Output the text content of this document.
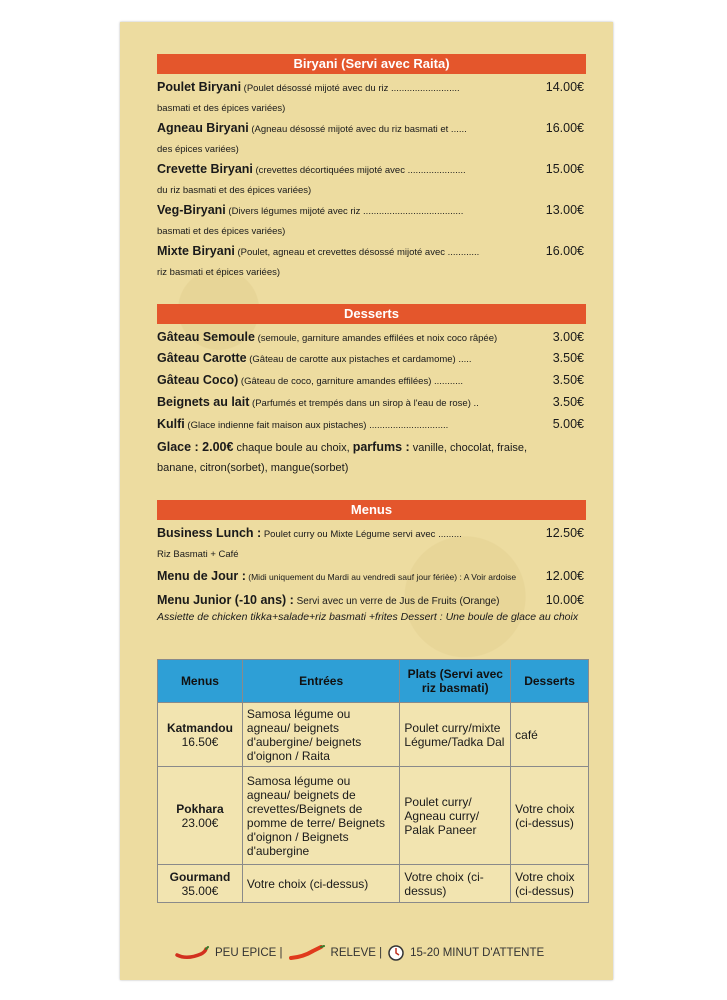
Biryani (Servi avec Raita)
Poulet Biryani (Poulet désossé mijoté avec du riz ..........................	14.00€
basmati et des épices variées)
Agneau Biryani (Agneau désossé mijoté avec du riz basmati et ......	16.00€
des épices variées)
Crevette Biryani (crevettes décortiquées mijoté avec ......................	15.00€
du riz basmati et des épices variées)
Veg-Biryani (Divers légumes mijoté avec riz ......................................	13.00€
basmati et des épices variées)
Mixte Biryani (Poulet, agneau et crevettes désossé mijoté avec ............	16.00€
riz basmati et épices variées)
Desserts
Gâteau Semoule (semoule, garniture amandes effilées et noix coco râpée)	3.00€
Gâteau Carotte (Gâteau de carotte aux pistaches et cardamome) .....	3.50€
Gâteau Coco) (Gâteau de coco, garniture amandes effilées) ...........	3.50€
Beignets au lait (Parfumés et trempés dans un sirop à l'eau de rose) ..	3.50€
Kulfi (Glace indienne fait maison aux pistaches) ..............................	5.00€
Glace : 2.00€ chaque boule au choix, parfums : vanille, chocolat, fraise,
banane, citron(sorbet), mangue(sorbet)
Menus
Business Lunch : Poulet curry ou Mixte Légume servi avec .........	12.50€
Riz Basmati + Café
Menu de Jour : (Midi uniquement du Mardi au vendredi sauf jour férièe) : A Voir ardoise 12.00€
Menu Junior (-10 ans) : Servi avec un verre de Jus de Fruits (Orange)	10.00€
Assiette de chicken tikka+salade+riz basmati +frites Dessert : Une boule de glace au choix
Menus	Entrées	Plats (Servi avec riz basmati)	Desserts

Katmandou
16.50€	Samosa légume ou agneau/ beignets d'aubergine/ beignets d'oignon / Raita	Poulet curry/mixte Légume/Tadka Dal	café

Pokhara
23.00€	Samosa légume ou agneau/ beignets de crevettes/Beignets de pomme de terre/ Beignets d'oignon / Beignets d'aubergine	Poulet curry/ Agneau curry/ Palak Paneer	Votre choix (ci-dessus)

Gourmand
35.00€	Votre choix (ci-dessus)	Votre choix (ci-dessus)	Votre choix (ci-dessus)
PEU EPICE |	RELEVE | 15-20 MINUT D'ATTENTE
